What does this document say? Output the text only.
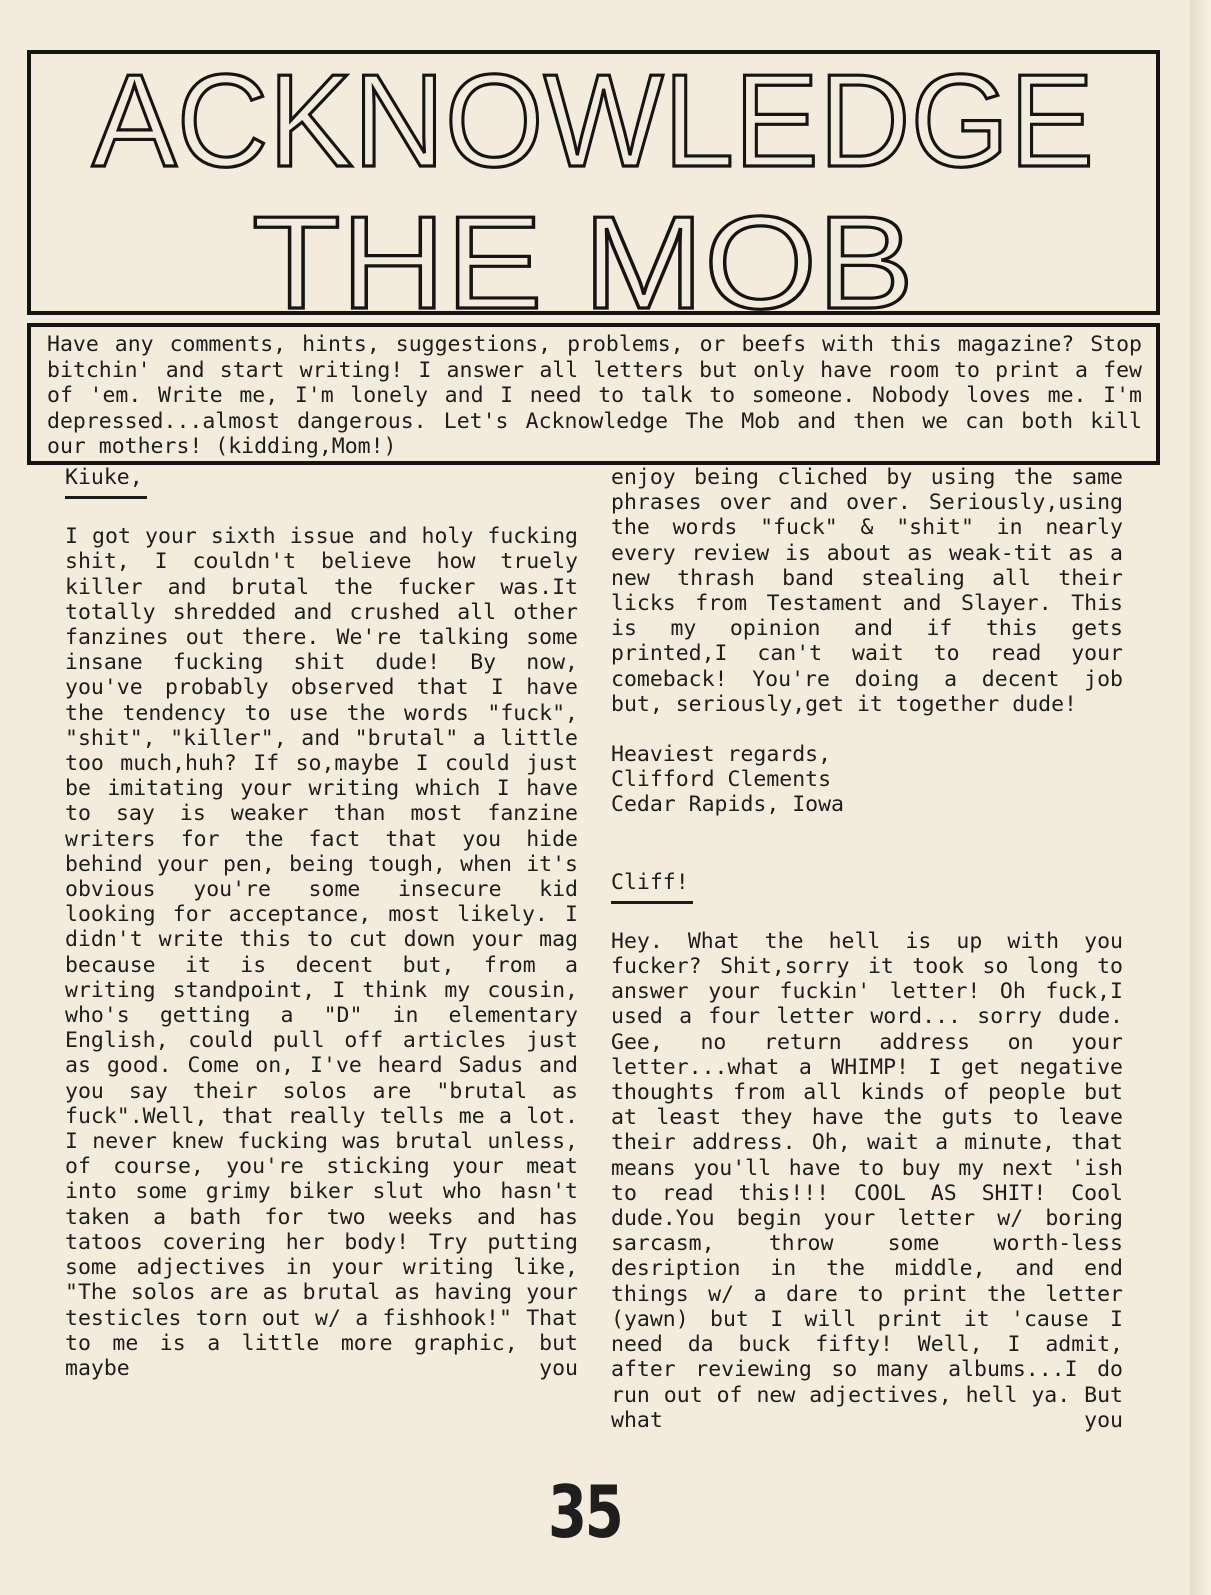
ACKNOWLEDGE
THE MOB

Have any comments, hints, suggestions, problems, or beefs with this magazine? Stop bitchin' and start writing! I answer all letters but only have room to print a few of 'em. Write me, I'm lonely and I need to talk to someone. Nobody loves me. I'm depressed...almost dangerous. Let's Acknowledge The Mob and then we can both kill our mothers! (kidding,Mom!)

Kiuke,

I got your sixth issue and holy fucking shit, I couldn't believe how truely killer and brutal the fucker was.It totally shredded and crushed all other fanzines out there. We're talking some insane fucking shit dude! By now, you've probably observed that I have the tendency to use the words "fuck", "shit", "killer", and "brutal" a little too much,huh? If so,maybe I could just be imitating your writing which I have to say is weaker than most fanzine writers for the fact that you hide behind your pen, being tough, when it's obvious you're some insecure kid looking for acceptance, most likely. I didn't write this to cut down your mag because it is decent but, from a writing standpoint, I think my cousin, who's getting a "D" in elementary English, could pull off articles just as good. Come on, I've heard Sadus and you say their solos are "brutal as fuck".Well, that really tells me a lot. I never knew fucking was brutal unless, of course, you're sticking your meat into some grimy biker slut who hasn't taken a bath for two weeks and has tatoos covering her body! Try putting some adjectives in your writing like, "The solos are as brutal as having your testicles torn out w/ a fishhook!" That to me is a little more graphic, but maybe you

enjoy being cliched by using the same phrases over and over. Seriously,using the words "fuck" & "shit" in nearly every review is about as weak-tit as a new thrash band stealing all their licks from Testament and Slayer. This is my opinion and if this gets printed,I can't wait to read your comeback! You're doing a decent job but, seriously,get it together dude!

Heaviest regards,

Clifford Clements

Cedar Rapids, Iowa

Cliff!

Hey. What the hell is up with you fucker? Shit,sorry it took so long to answer your fuckin' letter! Oh fuck,I used a four letter word... sorry dude. Gee, no return address on your letter...what a WHIMP! I get negative thoughts from all kinds of people but at least they have the guts to leave their address. Oh, wait a minute, that means you'll have to buy my next 'ish to read this!!! COOL AS SHIT! Cool dude.You begin your letter w/ boring sarcasm, throw some worth-less desription in the middle, and end things w/ a dare to print the letter (yawn) but I will print it 'cause I need da buck fifty! Well, I admit, after reviewing so many albums...I do run out of new adjectives, hell ya. But what you

35
